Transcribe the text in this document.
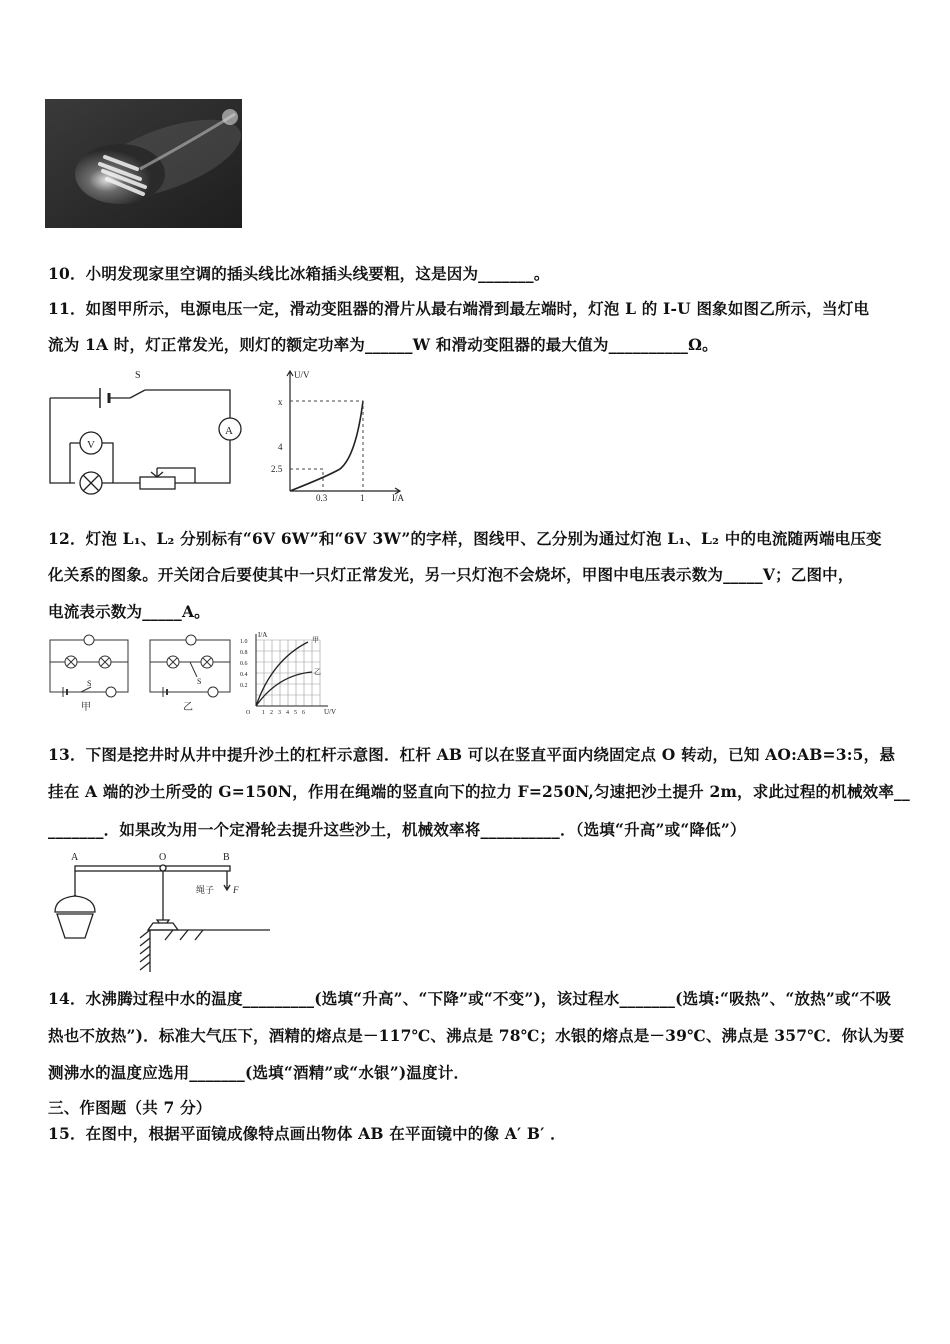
10．小明发现家里空调的插头线比冰箱插头线要粗，这是因为_______。
11．如图甲所示，电源电压一定，滑动变阻器的滑片从最右端滑到最左端时，灯泡 L 的 I-U 图象如图乙所示，当灯电
流为 1A 时，灯正常发光，则灯的额定功率为______W 和滑动变阻器的最大值为__________Ω。
S
V
A
U/V
I/A
x
4
2.5
0.3	1
12．灯泡 L₁、L₂ 分别标有“6V 6W”和“6V 3W”的字样，图线甲、乙分别为通过灯泡 L₁、L₂ 中的电流随两端电压变
化关系的图象。开关闭合后要使其中一只灯正常发光，另一只灯泡不会烧坏，甲图中电压表示数为_____V；乙图中，
电流表示数为_____A。
甲
S
乙
S
I/A
U/V
甲
乙
1.0
0.8
0.6
0.4
0.2
O 1 2 3 4 5 6
13．下图是挖井时从井中提升沙土的杠杆示意图．杠杆 AB 可以在竖直平面内绕固定点 O 转动，已知 AO:AB=3:5，悬
挂在 A 端的沙土所受的 G=150N，作用在绳端的竖直向下的拉力 F=250N,匀速把沙土提升 2m，求此过程的机械效率__
_______．如果改为用一个定滑轮去提升这些沙土，机械效率将__________．（选填“升高”或“降低”）
A	O	B
绳子 F
14．水沸腾过程中水的温度_________(选填“升高”、“下降”或“不变”)，该过程水_______(选填:“吸热”、“放热”或“不吸
热也不放热”)．标准大气压下，酒精的熔点是－117℃、沸点是 78℃；水银的熔点是－39℃、沸点是 357℃．你认为要
测沸水的温度应选用_______(选填“酒精”或“水银”)温度计．
三、作图题（共 7 分）
15．在图中，根据平面镜成像特点画出物体 AB 在平面镜中的像 A′ B′ ．
